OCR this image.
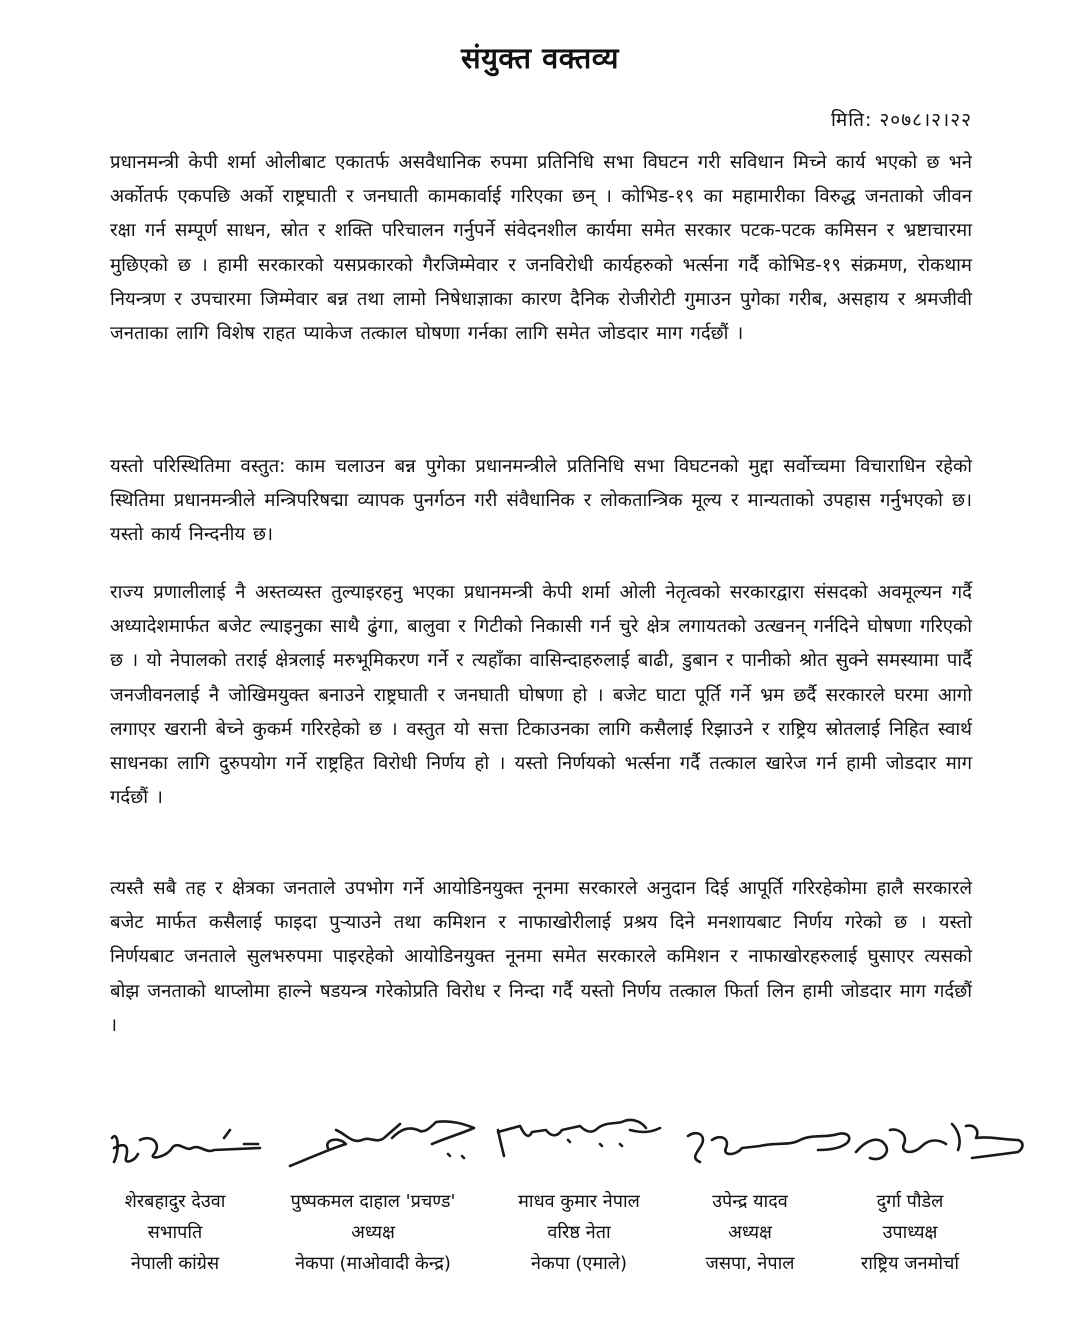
संयुक्त वक्तव्य
मिति: २०७८।२।२२

प्रधानमन्त्री केपी शर्मा ओलीबाट एकातर्फ असवैधानिक रुपमा प्रतिनिधि सभा विघटन गरी सविधान मिच्ने कार्य भएको छ भने अर्कोतर्फ एकपछि अर्को राष्ट्रघाती र जनघाती कामकार्वाई गरिएका छन् । कोभिड-१९ का महामारीका विरुद्ध जनताको जीवन रक्षा गर्न सम्पूर्ण साधन, स्रोत र शक्ति परिचालन गर्नुपर्ने संवेदनशील कार्यमा समेत सरकार पटक-पटक कमिसन र भ्रष्टाचारमा मुछिएको छ । हामी सरकारको यसप्रकारको गैरजिम्मेवार र जनविरोधी कार्यहरुको भर्त्सना गर्दै कोभिड-१९ संक्रमण, रोकथाम नियन्त्रण र उपचारमा जिम्मेवार बन्न तथा लामो निषेधाज्ञाका कारण दैनिक रोजीरोटी गुमाउन पुगेका गरीब, असहाय र श्रमजीवी जनताका लागि विशेष राहत प्याकेज तत्काल घोषणा गर्नका लागि समेत जोडदार माग गर्दछौं ।

यस्तो परिस्थितिमा वस्तुत: काम चलाउन बन्न पुगेका प्रधानमन्त्रीले प्रतिनिधि सभा विघटनको मुद्दा सर्वोच्चमा विचाराधिन रहेको स्थितिमा प्रधानमन्त्रीले मन्त्रिपरिषद्मा व्यापक पुनर्गठन गरी संवैधानिक र लोकतान्त्रिक मूल्य र मान्यताको उपहास गर्नुभएको छ। यस्तो कार्य निन्दनीय छ।

राज्य प्रणालीलाई नै अस्तव्यस्त तुल्याइरहनु भएका प्रधानमन्त्री केपी शर्मा ओली नेतृत्वको सरकारद्वारा संसदको अवमूल्यन गर्दै अध्यादेशमार्फत बजेट ल्याइनुका साथै ढुंगा, बालुवा र गिटीको निकासी गर्न चुरे क्षेत्र लगायतको उत्खनन् गर्नदिने घोषणा गरिएको छ । यो नेपालको तराई क्षेत्रलाई मरुभूमिकरण गर्ने र त्यहाँका वासिन्दाहरुलाई बाढी, डुबान र पानीको श्रोत सुक्ने समस्यामा पार्दै जनजीवनलाई नै जोखिमयुक्त बनाउने राष्ट्रघाती र जनघाती घोषणा हो । बजेट घाटा पूर्ति गर्ने भ्रम छर्दै सरकारले घरमा आगो लगाएर खरानी बेच्ने कुकर्म गरिरहेको छ । वस्तुत यो सत्ता टिकाउनका लागि कसैलाई रिझाउने र राष्ट्रिय स्रोतलाई निहित स्वार्थ साधनका लागि दुरुपयोग गर्ने राष्ट्रहित विरोधी निर्णय हो । यस्तो निर्णयको भर्त्सना गर्दै तत्काल खारेज गर्न हामी जोडदार माग गर्दछौं ।

त्यस्तै सबै तह र क्षेत्रका जनताले उपभोग गर्ने आयोडिनयुक्त नूनमा सरकारले अनुदान दिई आपूर्ति गरिरहेकोमा हालै सरकारले बजेट मार्फत कसैलाई फाइदा पुर्‍याउने तथा कमिशन र नाफाखोरीलाई प्रश्रय दिने मनशायबाट निर्णय गरेको छ । यस्तो निर्णयबाट जनताले सुलभरुपमा पाइरहेको आयोडिनयुक्त नूनमा समेत सरकारले कमिशन र नाफाखोरहरुलाई घुसाएर त्यसको बोझ जनताको थाप्लोमा हाल्ने षडयन्त्र गरेकोप्रति विरोध र निन्दा गर्दै यस्तो निर्णय तत्काल फिर्ता लिन हामी जोडदार माग गर्दछौं ।

शेरबहादुर देउवा
सभापति
नेपाली कांग्रेस
पुष्पकमल दाहाल 'प्रचण्ड'
अध्यक्ष
नेकपा (माओवादी केन्द्र)
माधव कुमार नेपाल
वरिष्ठ नेता
नेकपा (एमाले)
उपेन्द्र यादव
अध्यक्ष
जसपा, नेपाल
दुर्गा पौडेल
उपाध्यक्ष
राष्ट्रिय जनमोर्चा
